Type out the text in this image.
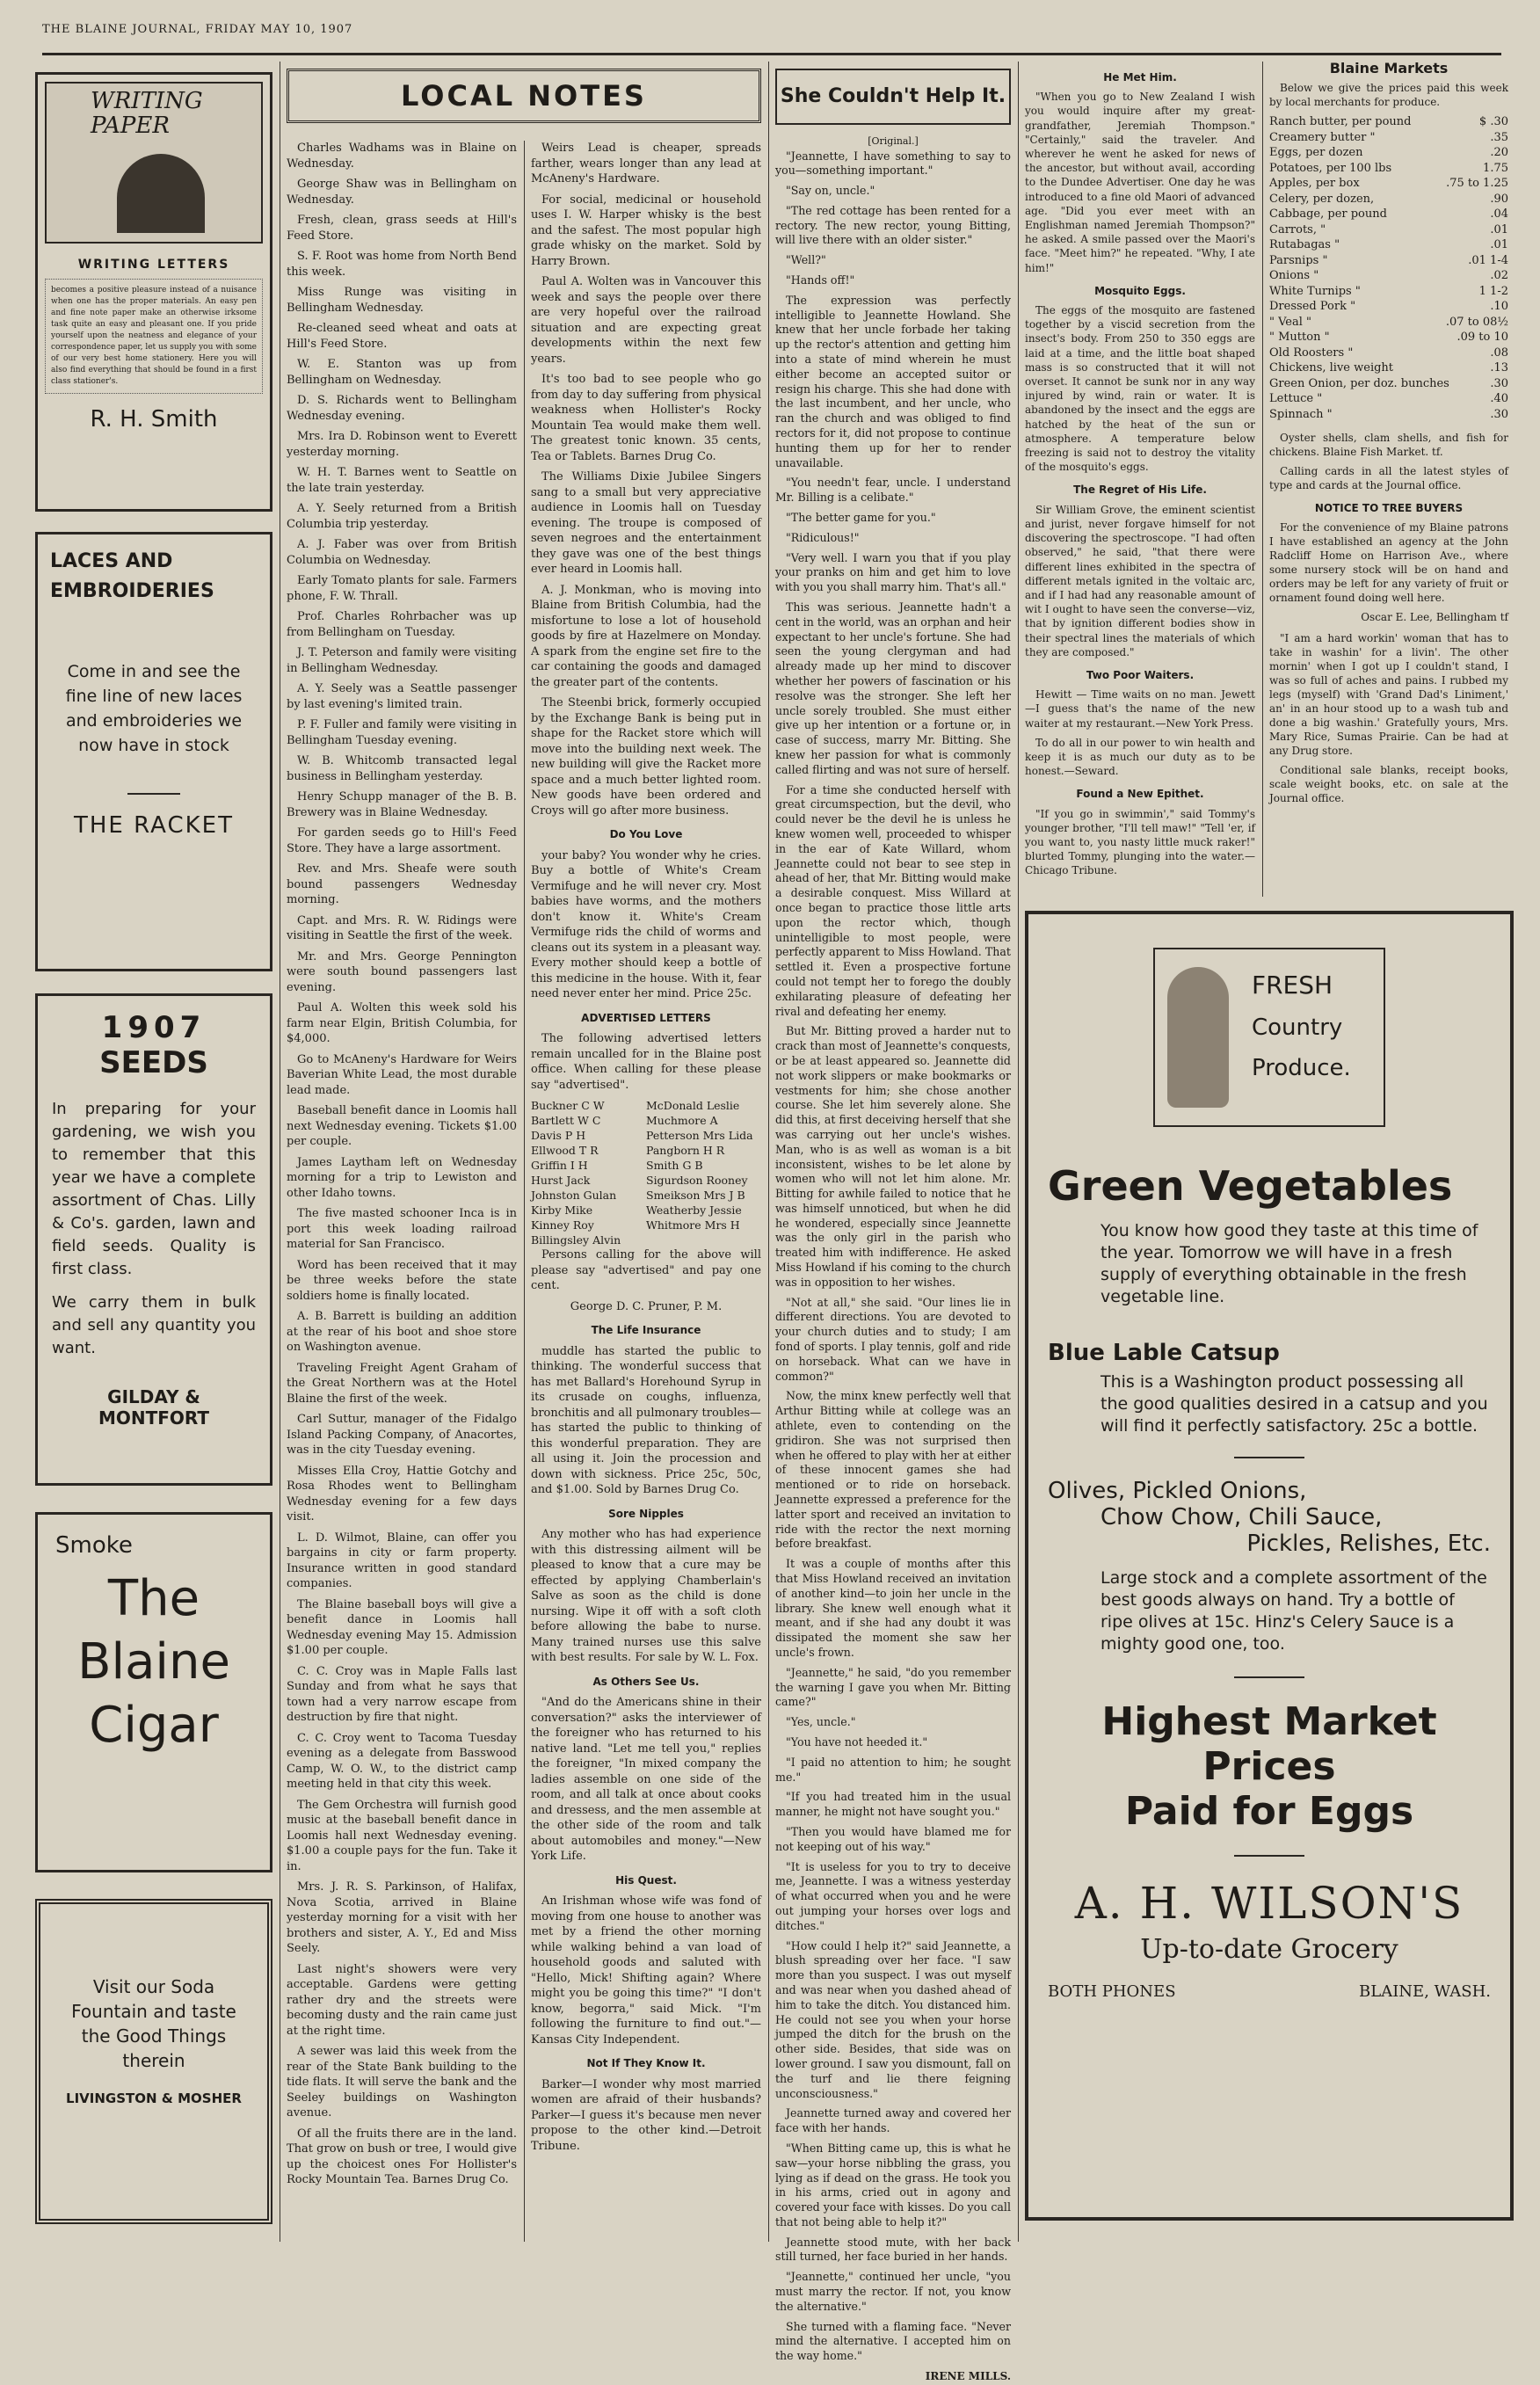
THE BLAINE JOURNAL, FRIDAY MAY 10, 1907
WRITING PAPER
WRITING LETTERS
becomes a positive pleasure instead of a nuisance when one has the proper materials. An easy pen and fine note paper make an otherwise irksome task quite an easy and pleasant one. If you pride yourself upon the neatness and elegance of your correspondence paper, let us supply you with some of our very best home stationery. Here you will also find everything that should be found in a first class stationer's.
R. H. Smith
LACES AND EMBROIDERIES
Come in and see the fine line of new laces and embroideries we now have in stock
THE RACKET
1907
SEEDS
In preparing for your gardening, we wish you to remember that this year we have a complete assortment of Chas. Lilly & Co's. garden, lawn and field seeds. Quality is first class.
We carry them in bulk and sell any quantity you want.
GILDAY & MONTFORT
Smoke
The
Blaine
Cigar
Visit our Soda Fountain and taste the Good Things therein
LIVINGSTON & MOSHER
LOCAL NOTES

Charles Wadhams was in Blaine on Wednesday.

George Shaw was in Bellingham on Wednesday.

Fresh, clean, grass seeds at Hill's Feed Store.

S. F. Root was home from North Bend this week.

Miss Runge was visiting in Bellingham Wednesday.

Re-cleaned seed wheat and oats at Hill's Feed Store.

W. E. Stanton was up from Bellingham on Wednesday.

D. S. Richards went to Bellingham Wednesday evening.

Mrs. Ira D. Robinson went to Everett yesterday morning.

W. H. T. Barnes went to Seattle on the late train yesterday.

A. Y. Seely returned from a British Columbia trip yesterday.

A. J. Faber was over from British Columbia on Wednesday.

Early Tomato plants for sale. Farmers phone, F. W. Thrall.

Prof. Charles Rohrbacher was up from Bellingham on Tuesday.

J. T. Peterson and family were visiting in Bellingham Wednesday.

A. Y. Seely was a Seattle passenger by last evening's limited train.

P. F. Fuller and family were visiting in Bellingham Tuesday evening.

W. B. Whitcomb transacted legal business in Bellingham yesterday.

Henry Schupp manager of the B. B. Brewery was in Blaine Wednesday.

For garden seeds go to Hill's Feed Store. They have a large assortment.

Rev. and Mrs. Sheafe were south bound passengers Wednesday morning.

Capt. and Mrs. R. W. Ridings were visiting in Seattle the first of the week.

Mr. and Mrs. George Pennington were south bound passengers last evening.

Paul A. Wolten this week sold his farm near Elgin, British Columbia, for $4,000.

Go to McAneny's Hardware for Weirs Baverian White Lead, the most durable lead made.

Baseball benefit dance in Loomis hall next Wednesday evening. Tickets $1.00 per couple.

James Laytham left on Wednesday morning for a trip to Lewiston and other Idaho towns.

The five masted schooner Inca is in port this week loading railroad material for San Francisco.

Word has been received that it may be three weeks before the state soldiers home is finally located.

A. B. Barrett is building an addition at the rear of his boot and shoe store on Washington avenue.

Traveling Freight Agent Graham of the Great Northern was at the Hotel Blaine the first of the week.

Carl Suttur, manager of the Fidalgo Island Packing Company, of Anacortes, was in the city Tuesday evening.

Misses Ella Croy, Hattie Gotchy and Rosa Rhodes went to Bellingham Wednesday evening for a few days visit.

L. D. Wilmot, Blaine, can offer you bargains in city or farm property. Insurance written in good standard companies.

The Blaine baseball boys will give a benefit dance in Loomis hall Wednesday evening May 15. Admission $1.00 per couple.

C. C. Croy was in Maple Falls last Sunday and from what he says that town had a very narrow escape from destruction by fire that night.

C. C. Croy went to Tacoma Tuesday evening as a delegate from Basswood Camp, W. O. W., to the district camp meeting held in that city this week.

The Gem Orchestra will furnish good music at the baseball benefit dance in Loomis hall next Wednesday evening. $1.00 a couple pays for the fun. Take it in.

Mrs. J. R. S. Parkinson, of Halifax, Nova Scotia, arrived in Blaine yesterday morning for a visit with her brothers and sister, A. Y., Ed and Miss Seely.

Last night's showers were very acceptable. Gardens were getting rather dry and the streets were becoming dusty and the rain came just at the right time.

A sewer was laid this week from the rear of the State Bank building to the tide flats. It will serve the bank and the Seeley buildings on Washington avenue.

Of all the fruits there are in the land. That grow on bush or tree, I would give up the choicest ones For Hollister's Rocky Mountain Tea. Barnes Drug Co.

Weirs Lead is cheaper, spreads farther, wears longer than any lead at McAneny's Hardware.

For social, medicinal or household uses I. W. Harper whisky is the best and the safest. The most popular high grade whisky on the market. Sold by Harry Brown.

Paul A. Wolten was in Vancouver this week and says the people over there are very hopeful over the railroad situation and are expecting great developments within the next few years.

It's too bad to see people who go from day to day suffering from physical weakness when Hollister's Rocky Mountain Tea would make them well. The greatest tonic known. 35 cents, Tea or Tablets. Barnes Drug Co.

The Williams Dixie Jubilee Singers sang to a small but very appreciative audience in Loomis hall on Tuesday evening. The troupe is composed of seven negroes and the entertainment they gave was one of the best things ever heard in Loomis hall.

A. J. Monkman, who is moving into Blaine from British Columbia, had the misfortune to lose a lot of household goods by fire at Hazelmere on Monday. A spark from the engine set fire to the car containing the goods and damaged the greater part of the contents.

The Steenbi brick, formerly occupied by the Exchange Bank is being put in shape for the Racket store which will move into the building next week. The new building will give the Racket more space and a much better lighted room. New goods have been ordered and Croys will go after more business.

Do You Love

your baby? You wonder why he cries. Buy a bottle of White's Cream Vermifuge and he will never cry. Most babies have worms, and the mothers don't know it. White's Cream Vermifuge rids the child of worms and cleans out its system in a pleasant way. Every mother should keep a bottle of this medicine in the house. With it, fear need never enter her mind. Price 25c.

ADVERTISED LETTERS

The following advertised letters remain uncalled for in the Blaine post office. When calling for these please say "advertised".

Buckner C W	McDonald Leslie
Bartlett W C	Muchmore A
Davis P H	Petterson Mrs Lida
Ellwood T R	Pangborn H R
Griffin I H	Smith G B
Hurst Jack	Sigurdson Rooney
Johnston Gulan	Smeikson Mrs J B
Kirby Mike	Weatherby Jessie
Kinney Roy	Whitmore Mrs H
Billingsley Alvin

Persons calling for the above will please say "advertised" and pay one cent.

George D. C. Pruner, P. M.
The Life Insurance

muddle has started the public to thinking. The wonderful success that has met Ballard's Horehound Syrup in its crusade on coughs, influenza, bronchitis and all pulmonary troubles—has started the public to thinking of this wonderful preparation. They are all using it. Join the procession and down with sickness. Price 25c, 50c, and $1.00. Sold by Barnes Drug Co.

Sore Nipples

Any mother who has had experience with this distressing ailment will be pleased to know that a cure may be effected by applying Chamberlain's Salve as soon as the child is done nursing. Wipe it off with a soft cloth before allowing the babe to nurse. Many trained nurses use this salve with best results. For sale by W. L. Fox.

As Others See Us.

"And do the Americans shine in their conversation?" asks the interviewer of the foreigner who has returned to his native land. "Let me tell you," replies the foreigner, "In mixed company the ladies assemble on one side of the room, and all talk at once about cooks and dressess, and the men assemble at the other side of the room and talk about automobiles and money."—New York Life.

His Quest.

An Irishman whose wife was fond of moving from one house to another was met by a friend the other morning while walking behind a van load of household goods and saluted with "Hello, Mick! Shifting again? Where might you be going this time?" "I don't know, begorra," said Mick. "I'm following the furniture to find out."—Kansas City Independent.

Not If They Know It.

Barker—I wonder why most married women are afraid of their husbands? Parker—I guess it's because men never propose to the other kind.—Detroit Tribune.

She Couldn't Help It.
[Original.]

"Jeannette, I have something to say to you—something important."

"Say on, uncle."

"The red cottage has been rented for a rectory. The new rector, young Bitting, will live there with an older sister."

"Well?"

"Hands off!"

The expression was perfectly intelligible to Jeannette Howland. She knew that her uncle forbade her taking up the rector's attention and getting him into a state of mind wherein he must either become an accepted suitor or resign his charge. This she had done with the last incumbent, and her uncle, who ran the church and was obliged to find rectors for it, did not propose to continue hunting them up for her to render unavailable.

"You needn't fear, uncle. I understand Mr. Billing is a celibate."

"The better game for you."

"Ridiculous!"

"Very well. I warn you that if you play your pranks on him and get him to love with you you shall marry him. That's all."

This was serious. Jeannette hadn't a cent in the world, was an orphan and heir expectant to her uncle's fortune. She had seen the young clergyman and had already made up her mind to discover whether her powers of fascination or his resolve was the stronger. She left her uncle sorely troubled. She must either give up her intention or a fortune or, in case of success, marry Mr. Bitting. She knew her passion for what is commonly called flirting and was not sure of herself.

For a time she conducted herself with great circumspection, but the devil, who could never be the devil he is unless he knew women well, proceeded to whisper in the ear of Kate Willard, whom Jeannette could not bear to see step in ahead of her, that Mr. Bitting would make a desirable conquest. Miss Willard at once began to practice those little arts upon the rector which, though unintelligible to most people, were perfectly apparent to Miss Howland. That settled it. Even a prospective fortune could not tempt her to forego the doubly exhilarating pleasure of defeating her rival and defeating her enemy.

But Mr. Bitting proved a harder nut to crack than most of Jeannette's conquests, or be at least appeared so. Jeannette did not work slippers or make bookmarks or vestments for him; she chose another course. She let him severely alone. She did this, at first deceiving herself that she was carrying out her uncle's wishes. Man, who is as well as woman is a bit inconsistent, wishes to be let alone by women who will not let him alone. Mr. Bitting for awhile failed to notice that he was himself unnoticed, but when he did he wondered, especially since Jeannette was the only girl in the parish who treated him with indifference. He asked Miss Howland if his coming to the church was in opposition to her wishes.

"Not at all," she said. "Our lines lie in different directions. You are devoted to your church duties and to study; I am fond of sports. I play tennis, golf and ride on horseback. What can we have in common?"

Now, the minx knew perfectly well that Arthur Bitting while at college was an athlete, even to contending on the gridiron. She was not surprised then when he offered to play with her at either of these innocent games she had mentioned or to ride on horseback. Jeannette expressed a preference for the latter sport and received an invitation to ride with the rector the next morning before breakfast.

It was a couple of months after this that Miss Howland received an invitation of another kind—to join her uncle in the library. She knew well enough what it meant, and if she had any doubt it was dissipated the moment she saw her uncle's frown.

"Jeannette," he said, "do you remember the warning I gave you when Mr. Bitting came?"

"Yes, uncle."

"You have not heeded it."

"I paid no attention to him; he sought me."

"If you had treated him in the usual manner, he might not have sought you."

"Then you would have blamed me for not keeping out of his way."

"It is useless for you to try to deceive me, Jeannette. I was a witness yesterday of what occurred when you and he were out jumping your horses over logs and ditches."

"How could I help it?" said Jeannette, a blush spreading over her face. "I saw more than you suspect. I was out myself and was near when you dashed ahead of him to take the ditch. You distanced him. He could not see you when your horse jumped the ditch for the brush on the other side. Besides, that side was on lower ground. I saw you dismount, fall on the turf and lie there feigning unconsciousness."

Jeannette turned away and covered her face with her hands.

"When Bitting came up, this is what he saw—your horse nibbling the grass, you lying as if dead on the grass. He took you in his arms, cried out in agony and covered your face with kisses. Do you call that not being able to help it?"

Jeannette stood mute, with her back still turned, her face buried in her hands.

"Jeannette," continued her uncle, "you must marry the rector. If not, you know the alternative."

She turned with a flaming face. "Never mind the alternative. I accepted him on the way home."

IRENE MILLS.
He Met Him.

"When you go to New Zealand I wish you would inquire after my great-grandfather, Jeremiah Thompson." "Certainly," said the traveler. And wherever he went he asked for news of the ancestor, but without avail, according to the Dundee Advertiser. One day he was introduced to a fine old Maori of advanced age. "Did you ever meet with an Englishman named Jeremiah Thompson?" he asked. A smile passed over the Maori's face. "Meet him?" he repeated. "Why, I ate him!"

Mosquito Eggs.

The eggs of the mosquito are fastened together by a viscid secretion from the insect's body. From 250 to 350 eggs are laid at a time, and the little boat shaped mass is so constructed that it will not overset. It cannot be sunk nor in any way injured by wind, rain or water. It is abandoned by the insect and the eggs are hatched by the heat of the sun or atmosphere. A temperature below freezing is said not to destroy the vitality of the mosquito's eggs.

The Regret of His Life.

Sir William Grove, the eminent scientist and jurist, never forgave himself for not discovering the spectroscope. "I had often observed," he said, "that there were different lines exhibited in the spectra of different metals ignited in the voltaic arc, and if I had had any reasonable amount of wit I ought to have seen the converse—viz, that by ignition different bodies show in their spectral lines the materials of which they are composed."

Two Poor Waiters.

Hewitt — Time waits on no man. Jewett—I guess that's the name of the new waiter at my restaurant.—New York Press.

To do all in our power to win health and keep it is as much our duty as to be honest.—Seward.

Found a New Epithet.

"If you go in swimmin'," said Tommy's younger brother, "I'll tell maw!" "Tell 'er, if you want to, you nasty little muck raker!" blurted Tommy, plunging into the water.—Chicago Tribune.

Blaine Markets

Below we give the prices paid this week by local merchants for produce.

Ranch butter, per pound	$ .30
Creamery butter "	.35
Eggs, per dozen	.20
Potatoes, per 100 lbs	1.75
Apples, per box	.75 to 1.25
Celery, per dozen,	.90
Cabbage, per pound	.04
Carrots, "	.01
Rutabagas "	.01
Parsnips "	.01 1-4
Onions "	.02
White Turnips "	1 1-2
Dressed Pork "	.10
" Veal "	.07 to 08½
" Mutton "	.09 to 10
Old Roosters "	.08
Chickens, live weight	.13
Green Onion, per doz. bunches	.30
Lettuce "	.40
Spinnach "	.30

Oyster shells, clam shells, and fish for chickens. Blaine Fish Market. tf.

Calling cards in all the latest styles of type and cards at the Journal office.

NOTICE TO TREE BUYERS

For the convenience of my Blaine patrons I have established an agency at the John Radcliff Home on Harrison Ave., where some nursery stock will be on hand and orders may be left for any variety of fruit or ornament found doing well here.

Oscar E. Lee, Bellingham tf

"I am a hard workin' woman that has to take in washin' for a livin'. The other mornin' when I got up I couldn't stand, I was so full of aches and pains. I rubbed my legs (myself) with 'Grand Dad's Liniment,' an' in an hour stood up to a wash tub and done a big washin.' Gratefully yours, Mrs. Mary Rice, Sumas Prairie. Can be had at any Drug store.

Conditional sale blanks, receipt books, scale weight books, etc. on sale at the Journal office.

FRESH
Country
Produce.
Green Vegetables
You know how good they taste at this time of the year. Tomorrow we will have in a fresh supply of everything obtainable in the fresh vegetable line.
Blue Lable Catsup
This is a Washington product possessing all the good qualities desired in a catsup and you will find it perfectly satisfactory. 25c a bottle.
Olives, Pickled Onions,
Chow Chow, Chili Sauce,
Pickles, Relishes, Etc.
Large stock and a complete assortment of the best goods always on hand. Try a bottle of ripe olives at 15c. Hinz's Celery Sauce is a mighty good one, too.
Highest Market Prices
Paid for Eggs
A. H. WILSON'S
Up-to-date Grocery
BOTH PHONES	BLAINE, WASH.
